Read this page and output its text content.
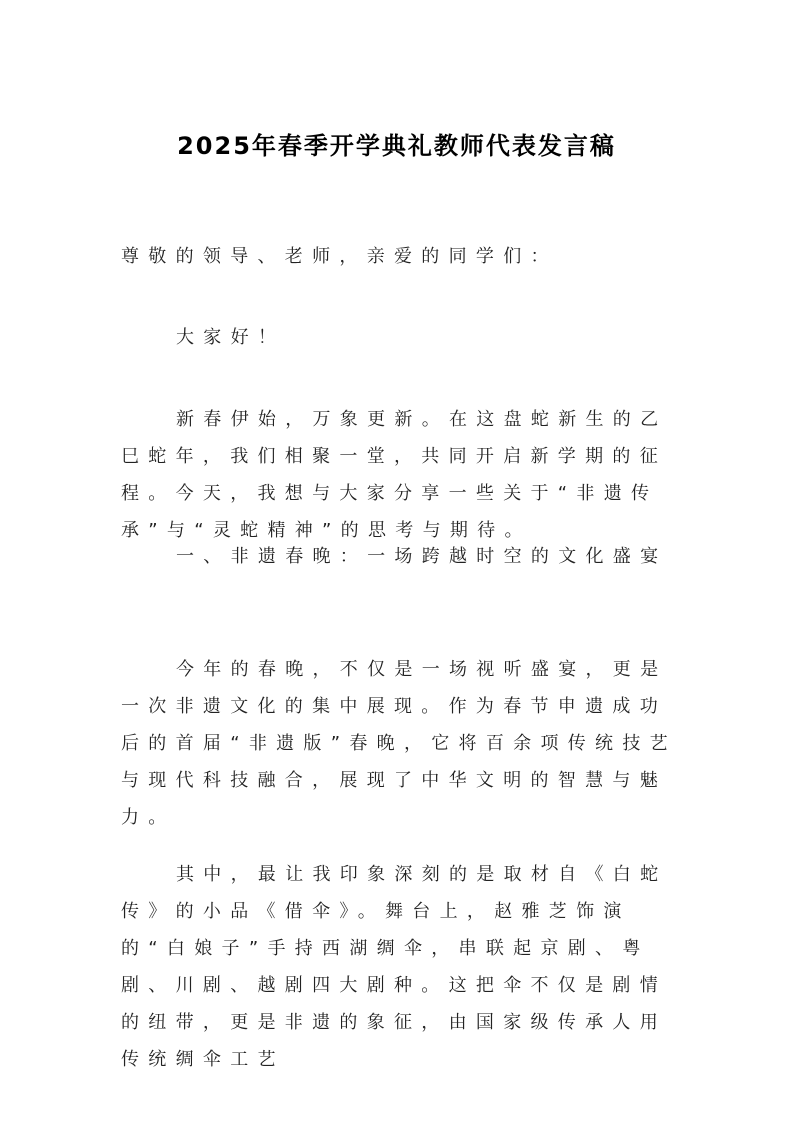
2025年春季开学典礼教师代表发言稿

尊敬的领导、老师，亲爱的同学们：

大家好！

新春伊始，万象更新。在这盘蛇新生的乙巳蛇年，我们相聚一堂，共同开启新学期的征程。今天，我想与大家分享一些关于“非遗传承”与“灵蛇精神”的思考与期待。

一、非遗春晚：一场跨越时空的文化盛宴

今年的春晚，不仅是一场视听盛宴，更是一次非遗文化的集中展现。作为春节申遗成功后的首届“非遗版”春晚，它将百余项传统技艺与现代科技融合，展现了中华文明的智慧与魅力。

其中，最让我印象深刻的是取材自《白蛇传》的小品《借伞》。舞台上，赵雅芝饰演的“白娘子”手持西湖绸伞，串联起京剧、粤剧、川剧、越剧四大剧种。这把伞不仅是剧情的纽带，更是非遗的象征，由国家级传承人用传统绸伞工艺
